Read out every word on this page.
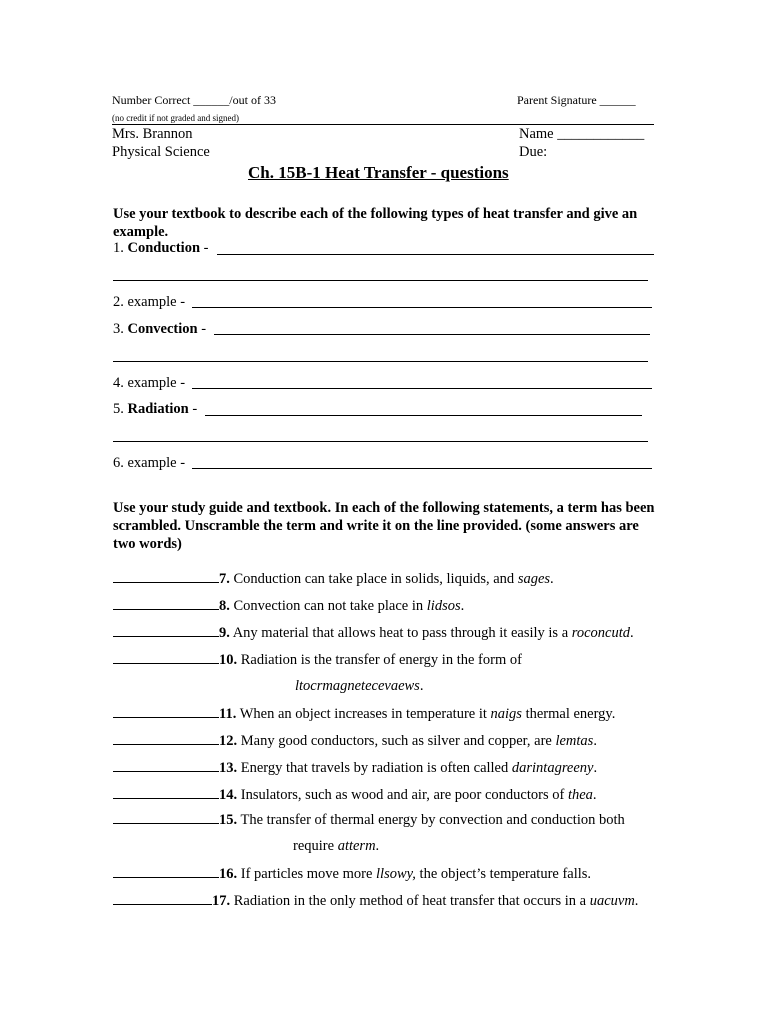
Number Correct ______/out of 33	Parent Signature ______
(no credit if not graded and signed)
Mrs. Brannon	Name ____________
Physical Science	Due:
Ch. 15B-1 Heat Transfer - questions
Use your textbook to describe each of the following types of heat transfer and give an example.
1. Conduction -
2. example -
3. Convection -
4. example -
5. Radiation -
6. example -
Use your study guide and textbook. In each of the following statements, a term has been scrambled. Unscramble the term and write it on the line provided. (some answers are two words)
7. Conduction can take place in solids, liquids, and sages.
8. Convection can not take place in lidsos.
9. Any material that allows heat to pass through it easily is a roconcutd.
10. Radiation is the transfer of energy in the form of
ltocrmagnetecevaews.
11. When an object increases in temperature it naigs thermal energy.
12. Many good conductors, such as silver and copper, are lemtas.
13. Energy that travels by radiation is often called darintagreeny.
14. Insulators, such as wood and air, are poor conductors of thea.
15. The transfer of thermal energy by convection and conduction both
require atterm.
16. If particles move more llsowy, the object’s temperature falls.
17. Radiation in the only method of heat transfer that occurs in a uacuvm.
